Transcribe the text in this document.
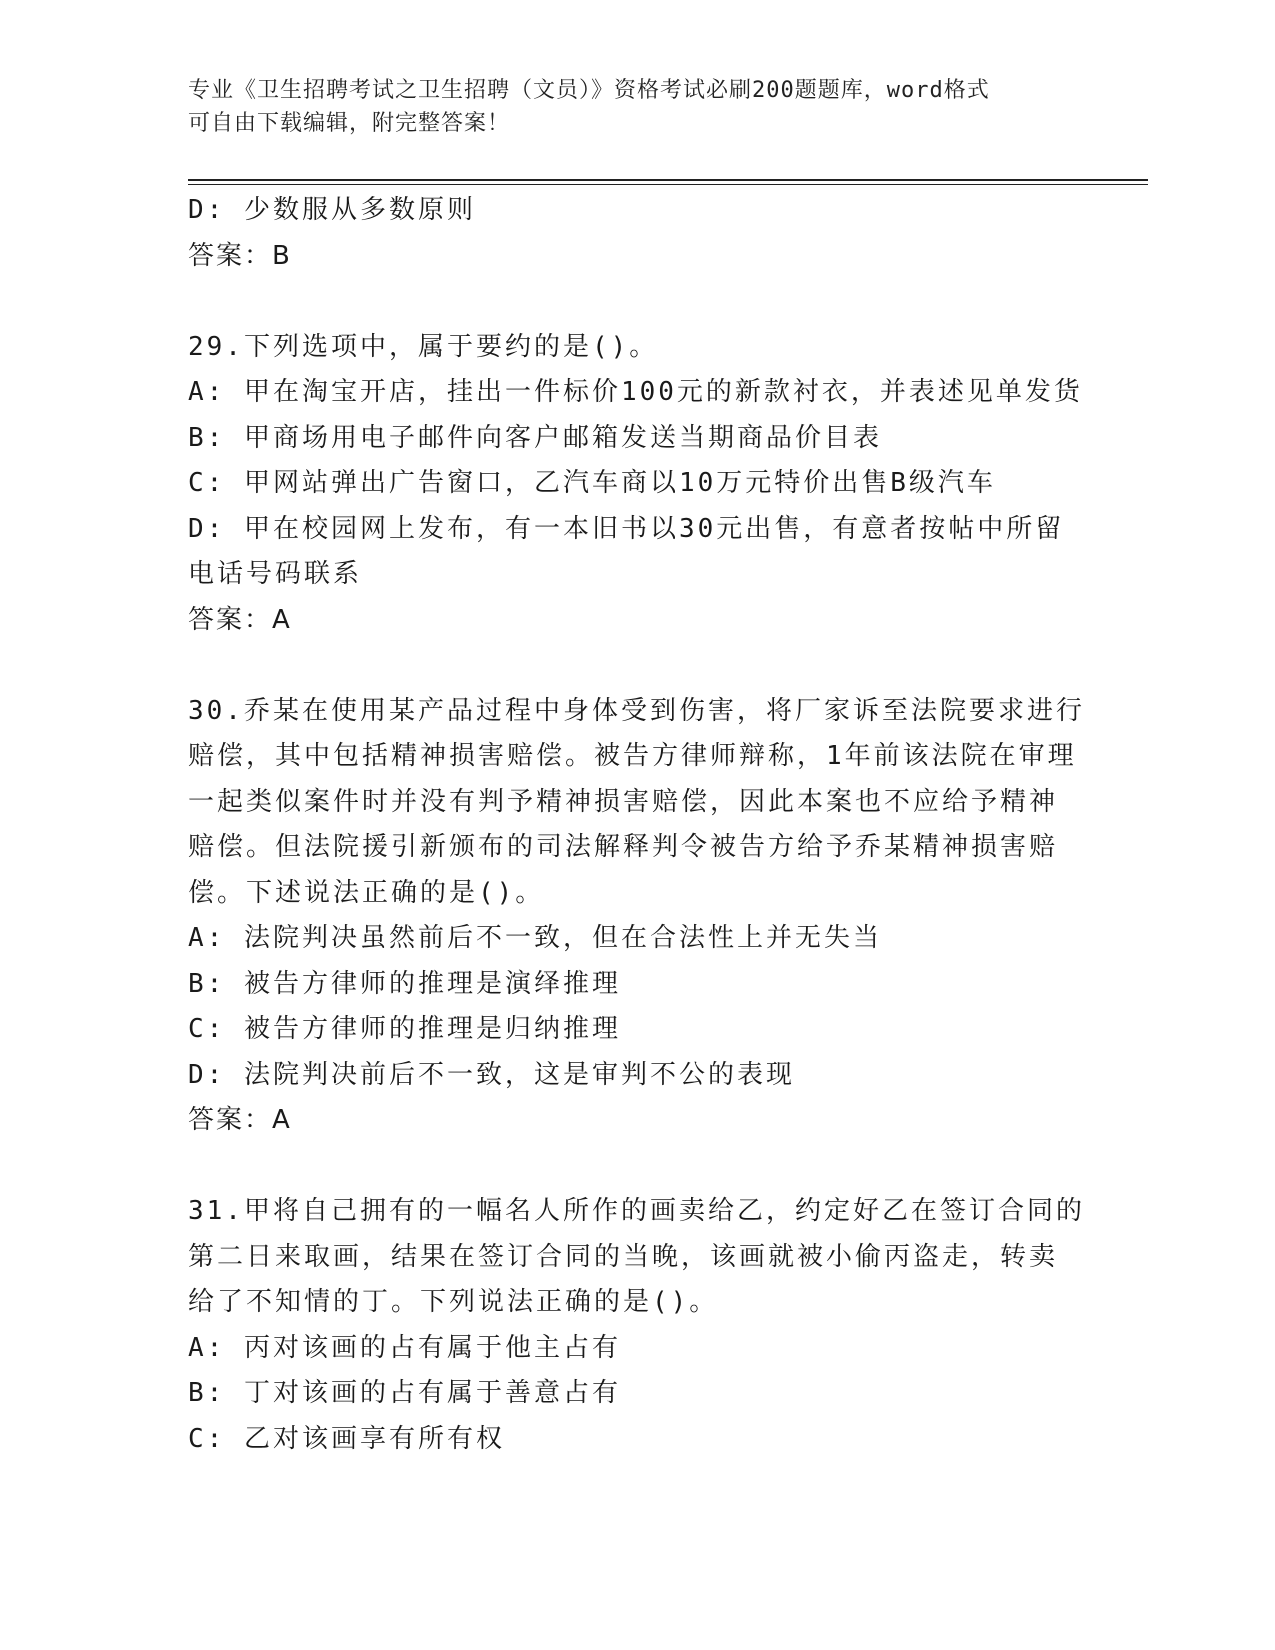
专业《卫生招聘考试之卫生招聘（文员）》资格考试必刷200题题库，word格式
可自由下载编辑，附完整答案！
D: 少数服从多数原则
答案：B
29.下列选项中，属于要约的是()。
A: 甲在淘宝开店，挂出一件标价100元的新款衬衣，并表述见单发货
B: 甲商场用电子邮件向客户邮箱发送当期商品价目表
C: 甲网站弹出广告窗口，乙汽车商以10万元特价出售B级汽车
D: 甲在校园网上发布，有一本旧书以30元出售，有意者按帖中所留
电话号码联系
答案：A
30.乔某在使用某产品过程中身体受到伤害，将厂家诉至法院要求进行
赔偿，其中包括精神损害赔偿。被告方律师辩称，1年前该法院在审理
一起类似案件时并没有判予精神损害赔偿，因此本案也不应给予精神
赔偿。但法院援引新颁布的司法解释判令被告方给予乔某精神损害赔
偿。下述说法正确的是()。
A: 法院判决虽然前后不一致，但在合法性上并无失当
B: 被告方律师的推理是演绎推理
C: 被告方律师的推理是归纳推理
D: 法院判决前后不一致，这是审判不公的表现
答案：A
31.甲将自己拥有的一幅名人所作的画卖给乙，约定好乙在签订合同的
第二日来取画，结果在签订合同的当晚，该画就被小偷丙盗走，转卖
给了不知情的丁。下列说法正确的是()。
A: 丙对该画的占有属于他主占有
B: 丁对该画的占有属于善意占有
C: 乙对该画享有所有权
